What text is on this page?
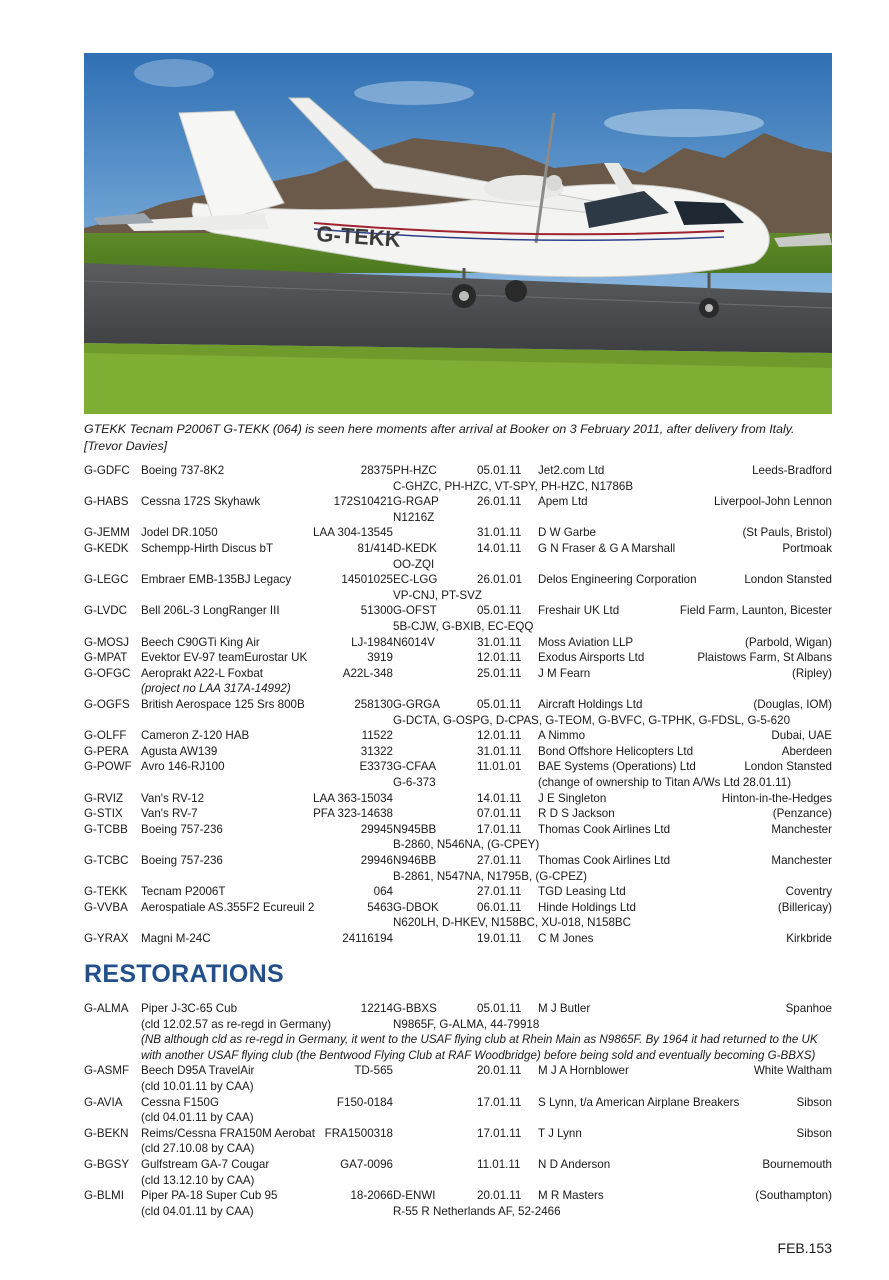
G-TEKK
GTEKK Tecnam P2006T G-TEKK (064) is seen here moments after arrival at Booker on 3 February 2011, after delivery from Italy. [Trevor Davies]
G-GDFC Boeing 737-8K2	28375 PH-HZC	05.01.11 Jet2.com Ltd	Leeds-Bradford
C-GHZC, PH-HZC, VT-SPY, PH-HZC, N1786B
G-HABS Cessna 172S Skyhawk	172S10421 G-RGAP	26.01.11 Apem Ltd	Liverpool-John Lennon
N1216Z
G-JEMM Jodel DR.1050	LAA 304-13545	31.01.11 D W Garbe	(St Pauls, Bristol)
G-KEDK Schempp-Hirth Discus bT	81/414 D-KEDK	14.01.11 G N Fraser & G A Marshall	Portmoak
OO-ZQI
G-LEGC Embraer EMB-135BJ Legacy	14501025 EC-LGG	26.01.01 Delos Engineering Corporation	London Stansted
VP-CNJ, PT-SVZ
G-LVDC Bell 206L-3 LongRanger III	51300 G-OFST	05.01.11 Freshair UK Ltd	Field Farm, Launton, Bicester
5B-CJW, G-BXIB, EC-EQQ
G-MOSJ Beech C90GTi King Air	LJ-1984 N6014V	31.01.11 Moss Aviation LLP	(Parbold, Wigan)
G-MPAT Evektor EV-97 teamEurostar UK	3919	12.01.11 Exodus Airsports Ltd	Plaistows Farm, St Albans
G-OFGC Aeroprakt A22-L Foxbat	A22L-348	25.01.11 J M Fearn	(Ripley)
(project no LAA 317A-14992)
G-OGFS British Aerospace 125 Srs 800B	258130 G-GRGA	05.01.11 Aircraft Holdings Ltd	(Douglas, IOM)
G-DCTA, G-OSPG, D-CPAS, G-TEOM, G-BVFC, G-TPHK, G-FDSL, G-5-620
G-OLFF Cameron Z-120 HAB	11522	12.01.11 A Nimmo	Dubai, UAE
G-PERA Agusta AW139	31322	31.01.11 Bond Offshore Helicopters Ltd	Aberdeen
G-POWF Avro 146-RJ100	E3373 G-CFAA	11.01.01 BAE Systems (Operations) Ltd	London Stansted
G-6-373	(change of ownership to Titan A/Ws Ltd 28.01.11)
G-RVIZ Van's RV-12	LAA 363-15034	14.01.11 J E Singleton	Hinton-in-the-Hedges
G-STIX Van's RV-7	PFA 323-14638	07.01.11 R D S Jackson	(Penzance)
G-TCBB Boeing 757-236	29945 N945BB	17.01.11 Thomas Cook Airlines Ltd	Manchester
B-2860, N546NA, (G-CPEY)
G-TCBC Boeing 757-236	29946 N946BB	27.01.11 Thomas Cook Airlines Ltd	Manchester
B-2861, N547NA, N1795B, (G-CPEZ)
G-TEKK Tecnam P2006T	064	27.01.11 TGD Leasing Ltd	Coventry
G-VVBA Aerospatiale AS.355F2 Ecureuil 2	5463 G-DBOK	06.01.11 Hinde Holdings Ltd	(Billericay)
N620LH, D-HKEV, N158BC, XU-018, N158BC
G-YRAX Magni M-24C	24116194	19.01.11 C M Jones	Kirkbride
RESTORATIONS
G-ALMA Piper J-3C-65 Cub	12214 G-BBXS	05.01.11 M J Butler	Spanhoe
(cld 12.02.57 as re-regd in Germany)	N9865F, G-ALMA, 44-79918
(NB although cld as re-regd in Germany, it went to the USAF flying club at Rhein Main as N9865F. By 1964 it had returned to the UK
with another USAF flying club (the Bentwood Flying Club at RAF Woodbridge) before being sold and eventually becoming G-BBXS)
G-ASMF Beech D95A TravelAir	TD-565	20.01.11 M J A Hornblower	White Waltham
(cld 10.01.11 by CAA)
G-AVIA Cessna F150G	F150-0184	17.01.11 S Lynn, t/a American Airplane Breakers	Sibson
(cld 04.01.11 by CAA)
G-BEKN Reims/Cessna FRA150M Aerobat FRA1500318	17.01.11 T J Lynn	Sibson
(cld 27.10.08 by CAA)
G-BGSY Gulfstream GA-7 Cougar	GA7-0096	11.01.11 N D Anderson	Bournemouth
(cld 13.12.10 by CAA)
G-BLMI Piper PA-18 Super Cub 95	18-2066 D-ENWI	20.01.11 M R Masters	(Southampton)
(cld 04.01.11 by CAA)	R-55 R Netherlands AF, 52-2466
FEB.153
